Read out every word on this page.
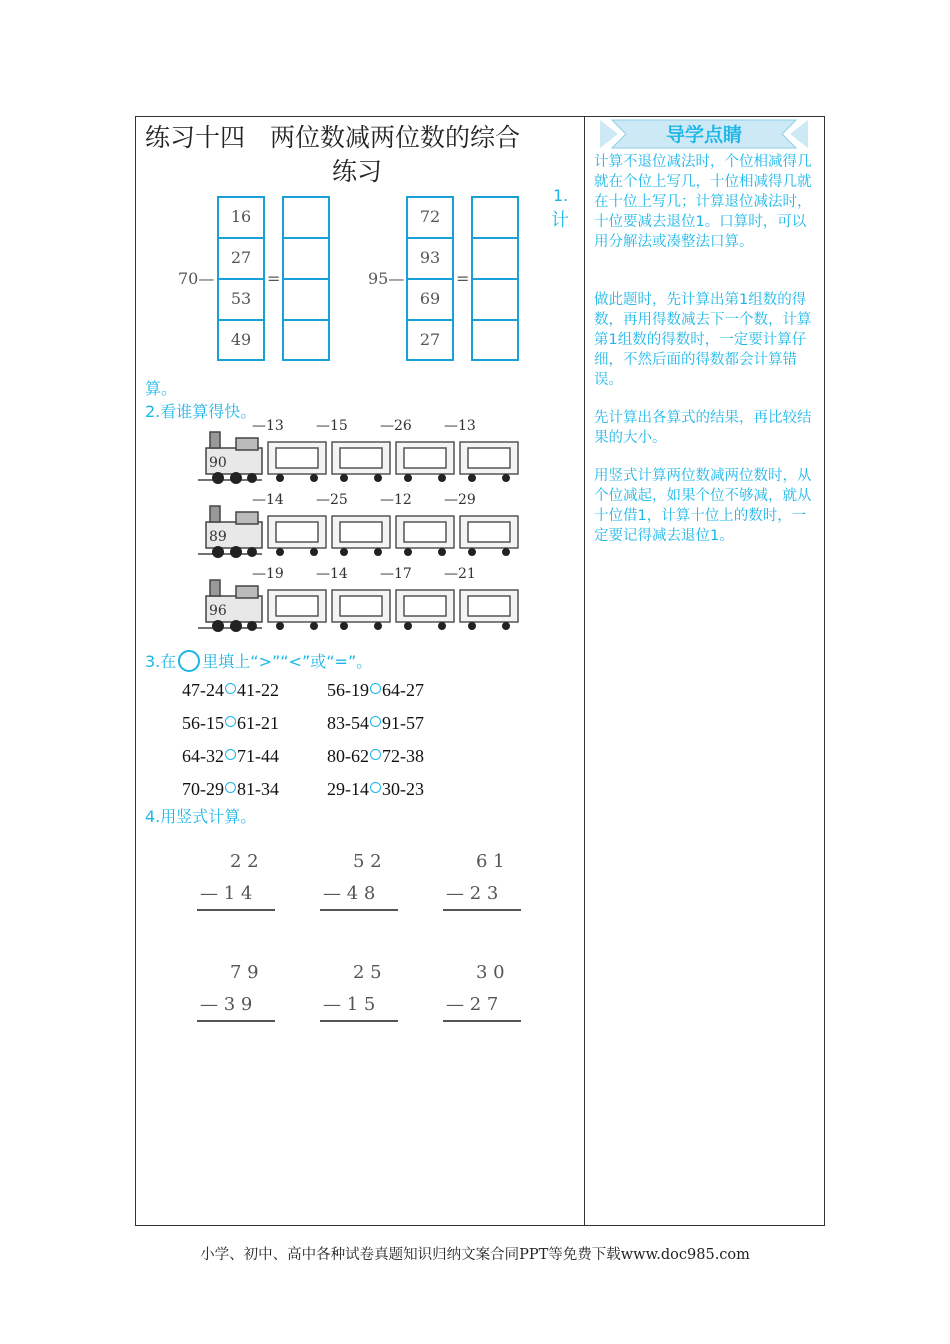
练习十四　两位数减两位数的综合
练习
导学点睛
计算不退位减法时，个位相减得几就在个位上写几，十位相减得几就在十位上写几；计算退位减法时，十位要减去退位1。口算时，可以用分解法或凑整法口算。
做此题时，先计算出第1组数的得数，再用得数减去下一个数，计算第1组数的得数时，一定要计算仔细，不然后面的得数都会计算错误。
先计算出各算式的结果，再比较结果的大小。
用竖式计算两位数减两位数时，从个位减起，如果个位不够减，就从十位借1，计算十位上的数时，一定要记得减去退位1。
1.
计
算。
70—
16
27
53
49
=	95—
72
93
69
27
=
2.看谁算得快。
90
—13 —15 —26 —13
89
—14 —25 —12 —29
96
—19 —14 —17 —21
3.在 里填上“>”“<”或“=”。
47-24 41-22	56-19 64-27
56-15 61-21	83-54 91-57
64-32 71-44	80-62 72-38
70-29 81-34	29-14 30-23
4.用竖式计算。
2 2
— 1 4
5 2
— 4 8
6 1
— 2 3
7 9
— 3 9
2 5
— 1 5
3 0
— 2 7
小学、初中、高中各种试卷真题知识归纳文案合同PPT等免费下载www.doc985.com
